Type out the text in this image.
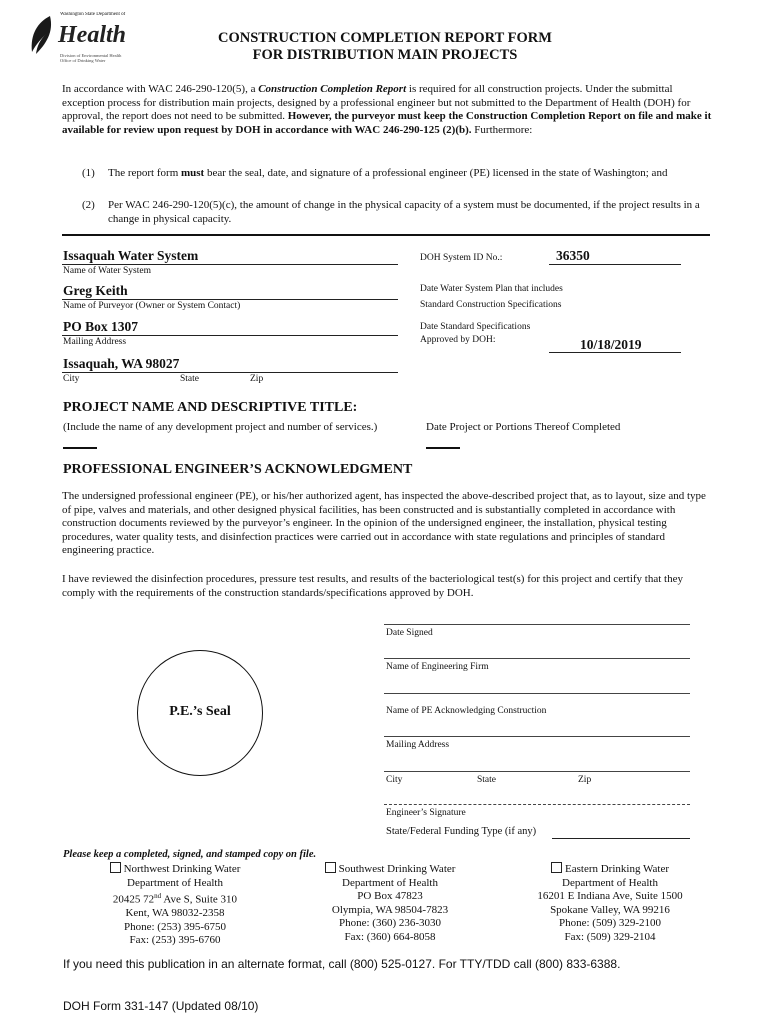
Washington State Department of
Health
Division of Environmental Health Office of Drinking Water
CONSTRUCTION COMPLETION REPORT FORM
FOR DISTRIBUTION MAIN PROJECTS
In accordance with WAC 246-290-120(5), a Construction Completion Report is required for all construction projects. Under the submittal exception process for distribution main projects, designed by a professional engineer but not submitted to the Department of Health (DOH) for approval, the report does not need to be submitted. However, the purveyor must keep the Construction Completion Report on file and make it available for review upon request by DOH in accordance with WAC 246-290-125 (2)(b). Furthermore:
(1) The report form must bear the seal, date, and signature of a professional engineer (PE) licensed in the state of Washington; and
(2) Per WAC 246-290-120(5)(c), the amount of change in the physical capacity of a system must be documented, if the project results in a change in physical capacity.
Issaquah Water System
Name of Water System
Greg Keith
Name of Purveyor (Owner or System Contact)
PO Box 1307
Mailing Address
Issaquah, WA 98027
City	State	Zip
DOH System ID No.:	36350
Date Water System Plan that includes
Standard Construction Specifications
Date Standard Specifications
Approved by DOH:	10/18/2019
PROJECT NAME AND DESCRIPTIVE TITLE:
(Include the name of any development project and number of services.)	Date Project or Portions Thereof Completed
PROFESSIONAL ENGINEER’S ACKNOWLEDGMENT
The undersigned professional engineer (PE), or his/her authorized agent, has inspected the above-described project that, as to layout, size and type of pipe, valves and materials, and other designed physical facilities, has been constructed and is substantially completed in accordance with construction documents reviewed by the purveyor’s engineer. In the opinion of the undersigned engineer, the installation, physical testing procedures, water quality tests, and disinfection practices were carried out in accordance with state regulations and principles of standard engineering practice.
I have reviewed the disinfection procedures, pressure test results, and results of the bacteriological test(s) for this project and certify that they comply with the requirements of the construction standards/specifications approved by DOH.
P.E.’s Seal
Date Signed
Name of Engineering Firm
Name of PE Acknowledging Construction
Mailing Address
City	State	Zip
Engineer’s Signature
State/Federal Funding Type (if any)
Please keep a completed, signed, and stamped copy on file.
Northwest Drinking Water
Department of Health
20425 72nd Ave S, Suite 310
Kent, WA 98032-2358
Phone: (253) 395-6750
Fax: (253) 395-6760
Southwest Drinking Water
Department of Health
PO Box 47823
Olympia, WA 98504-7823
Phone: (360) 236-3030
Fax: (360) 664-8058
Eastern Drinking Water
Department of Health
16201 E Indiana Ave, Suite 1500
Spokane Valley, WA 99216
Phone: (509) 329-2100
Fax: (509) 329-2104
If you need this publication in an alternate format, call (800) 525-0127. For TTY/TDD call (800) 833-6388.
DOH Form 331-147 (Updated 08/10)
